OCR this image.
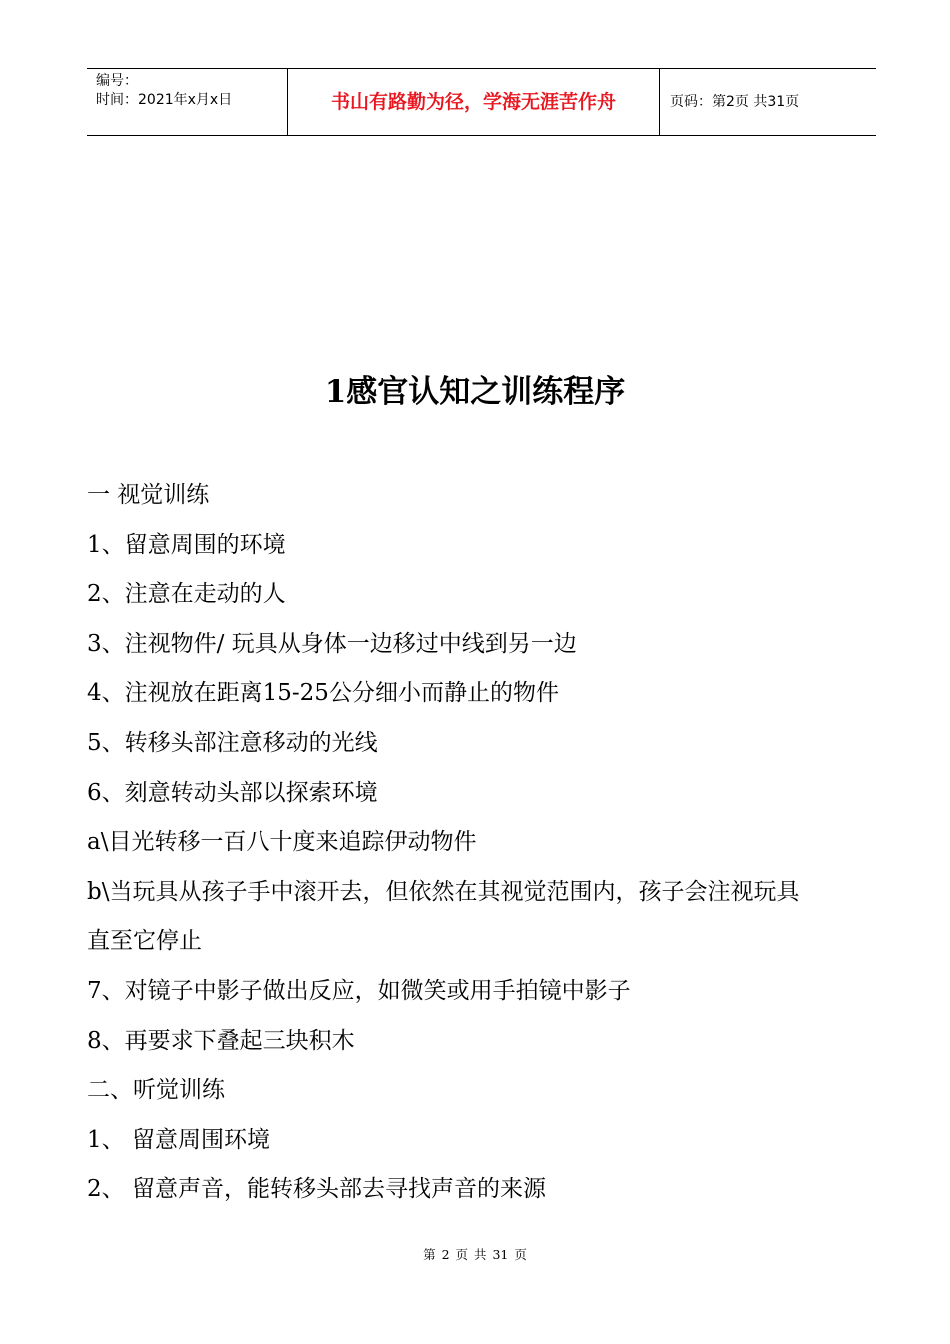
编号：
时间：2021年x月x日	书山有路勤为径，学海无涯苦作舟	页码：第2页 共31页
1感官认知之训练程序

一 视觉训练

1、留意周围的环境

2、注意在走动的人

3、注视物件/ 玩具从身体一边移过中线到另一边

4、注视放在距离15-25公分细小而静止的物件

5、转移头部注意移动的光线

6、刻意转动头部以探索环境

a\目光转移一百八十度来追踪伊动物件

b\当玩具从孩子手中滚开去，但依然在其视觉范围内，孩子会注视玩具

直至它停止

7、对镜子中影子做出反应，如微笑或用手拍镜中影子

8、再要求下叠起三块积木

二、听觉训练

1、 留意周围环境

2、 留意声音，能转移头部去寻找声音的来源

第 2 页 共 31 页
